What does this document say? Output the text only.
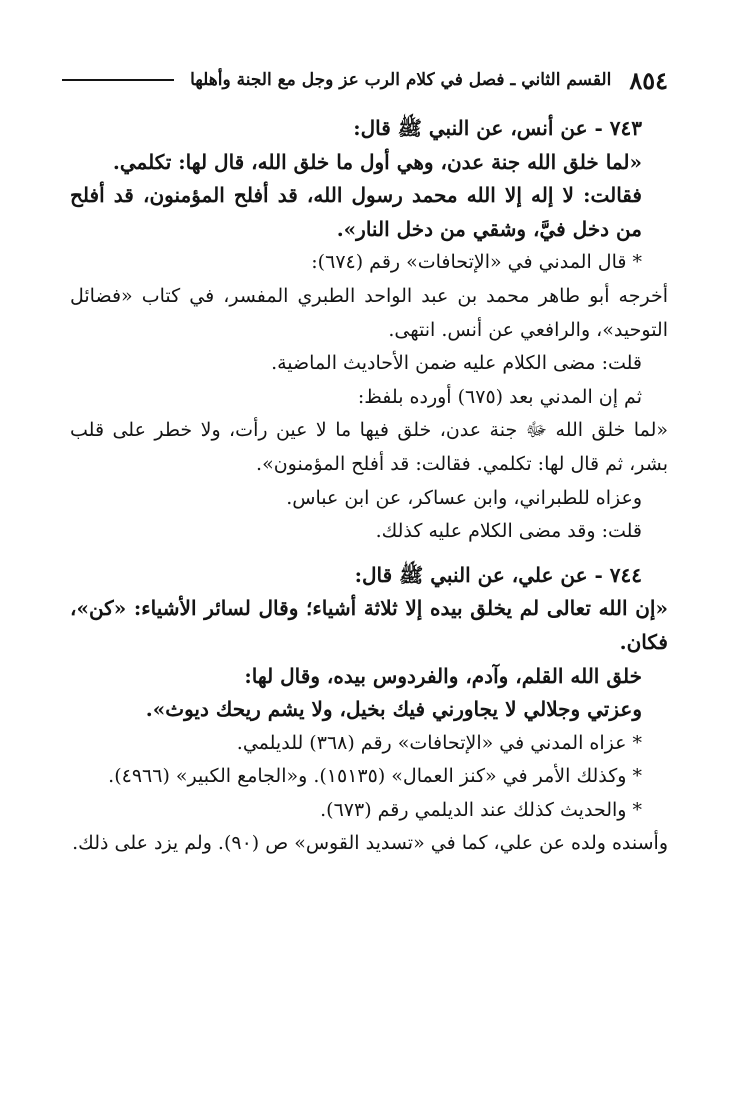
٨٥٤
القسم الثاني ـ فصل في كلام الرب عز وجل مع الجنة وأهلها

٧٤٣ - عن أنس، عن النبي ﷺ قال:

«لما خلق الله جنة عدن، وهي أول ما خلق الله، قال لها: تكلمي.

فقالت: لا إله إلا الله محمد رسول الله، قد أفلح المؤمنون، قد أفلح من دخل فيَّ، وشقي من دخل النار».

* قال المدني في «الإتحافات» رقم (٦٧٤):

أخرجه أبو طاهر محمد بن عبد الواحد الطبري المفسر، في كتاب «فضائل التوحيد»، والرافعي عن أنس. انتهى.

قلت: مضى الكلام عليه ضمن الأحاديث الماضية.

ثم إن المدني بعد (٦٧٥) أورده بلفظ:

«لما خلق الله ﷻ جنة عدن، خلق فيها ما لا عين رأت، ولا خطر على قلب بشر، ثم قال لها: تكلمي. فقالت: قد أفلح المؤمنون».

وعزاه للطبراني، وابن عساكر، عن ابن عباس.

قلت: وقد مضى الكلام عليه كذلك.

٧٤٤ - عن علي، عن النبي ﷺ قال:

«إن الله تعالى لم يخلق بيده إلا ثلاثة أشياء؛ وقال لسائر الأشياء: «كن»، فكان.

خلق الله القلم، وآدم، والفردوس بيده، وقال لها:

وعزتي وجلالي لا يجاورني فيك بخيل، ولا يشم ريحك ديوث».

* عزاه المدني في «الإتحافات» رقم (٣٦٨) للديلمي.

* وكذلك الأمر في «كنز العمال» (١٥١٣٥). و«الجامع الكبير» (٤٩٦٦).

* والحديث كذلك عند الديلمي رقم (٦٧٣).

وأسنده ولده عن علي، كما في «تسديد القوس» ص (٩٠). ولم يزد على ذلك.
